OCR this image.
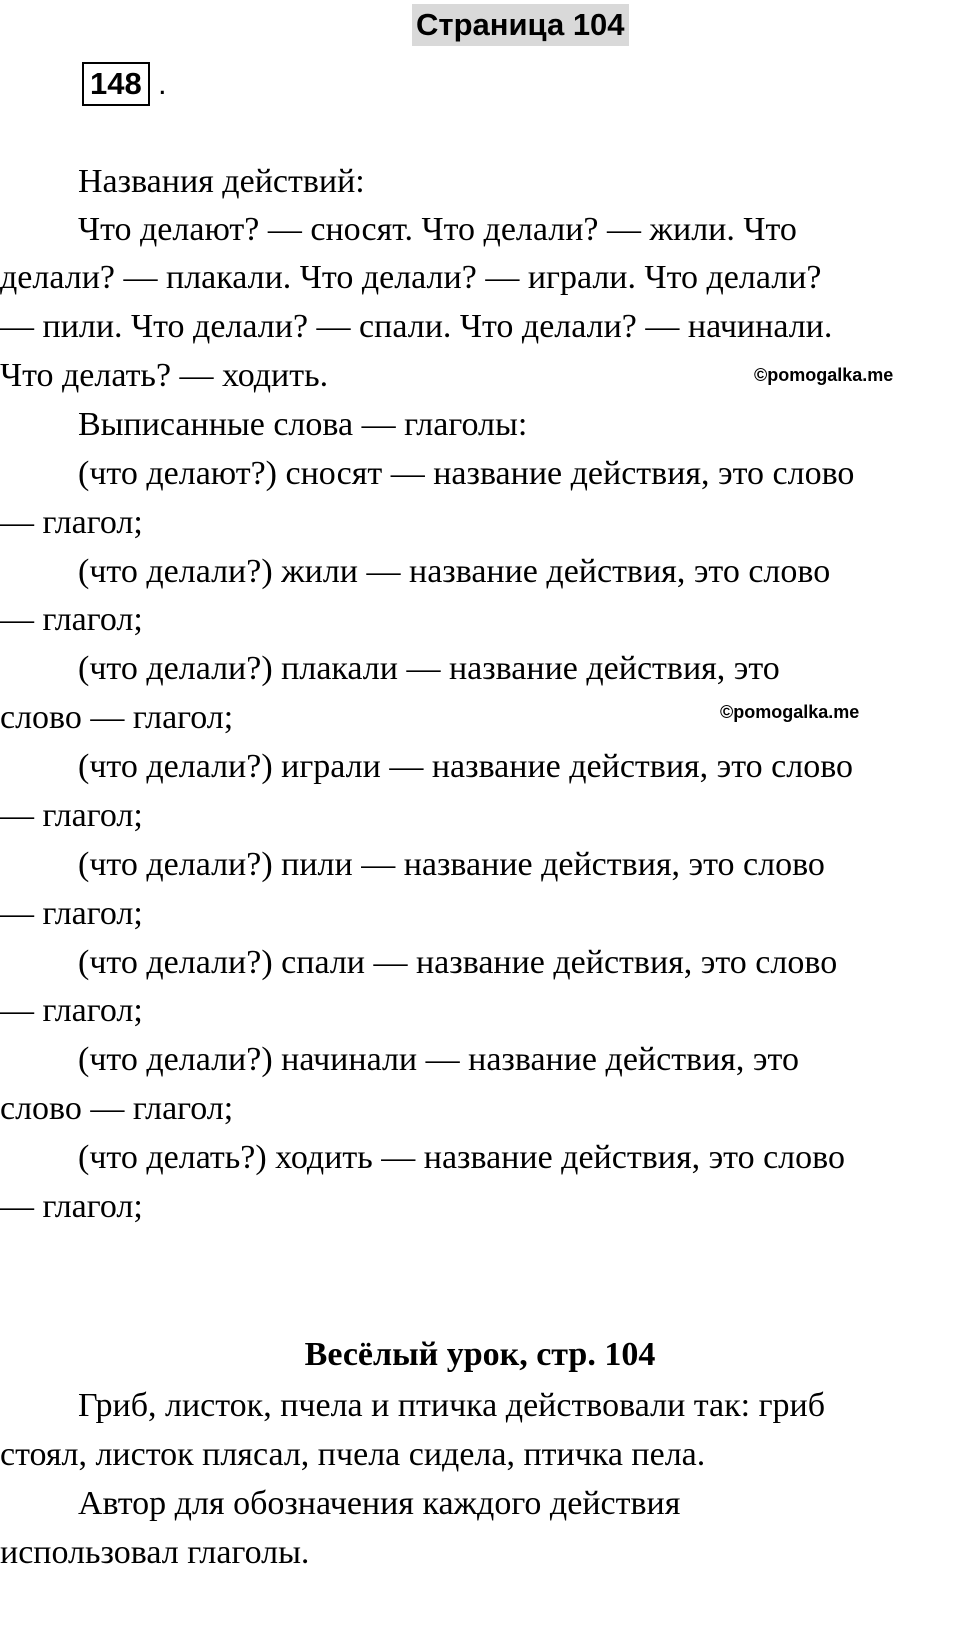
Страница 104
148 .
Названия действий:
Что делают? — сносят. Что делали? — жили. Что
делали? — плакали. Что делали? — играли. Что делали?
— пили. Что делали? — спали. Что делали? — начинали.
Что делать? — ходить.
Выписанные слова — глаголы:
(что делают?) сносят — название действия, это слово
— глагол;
(что делали?) жили — название действия, это слово
— глагол;
(что делали?) плакали — название действия, это
слово — глагол;
(что делали?) играли — название действия, это слово
— глагол;
(что делали?) пили — название действия, это слово
— глагол;
(что делали?) спали — название действия, это слово
— глагол;
(что делали?) начинали — название действия, это
слово — глагол;
(что делать?) ходить — название действия, это слово
— глагол;
©pomogalka.me
©pomogalka.me
Весёлый урок, стр. 104
Гриб, листок, пчела и птичка действовали так: гриб
стоял, листок плясал, пчела сидела, птичка пела.
Автор для обозначения каждого действия
использовал глаголы.
